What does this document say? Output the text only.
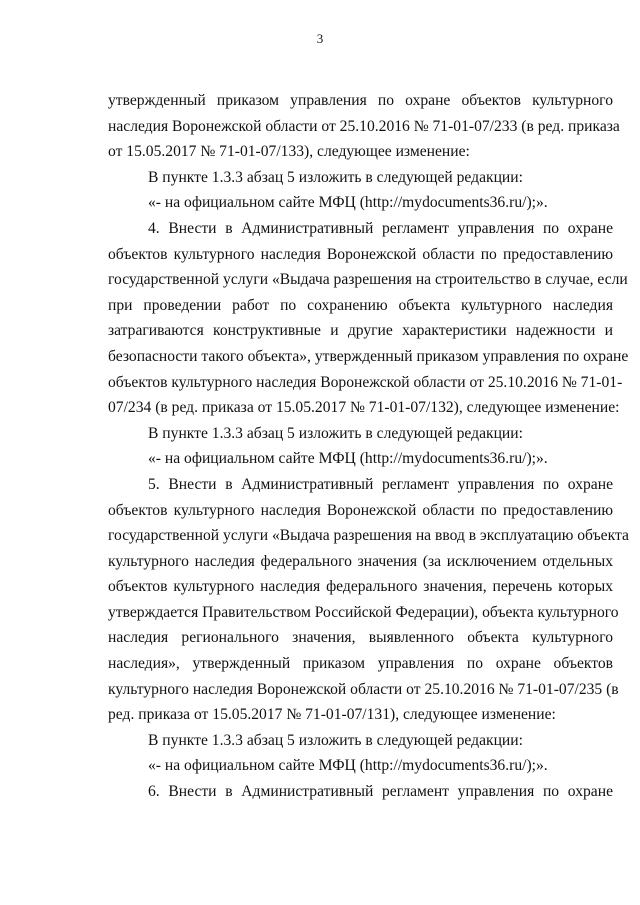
3

утвержденный приказом управления по охране объектов культурного
наследия Воронежской области от 25.10.2016 № 71-01-07/233 (в ред. приказа
от 15.05.2017 № 71-01-07/133), следующее изменение:

В пункте 1.3.3 абзац 5 изложить в следующей редакции:

«- на официальном сайте МФЦ (http://mydocuments36.ru/);».

4. Внести в Административный регламент управления по охране
объектов культурного наследия Воронежской области по предоставлению
государственной услуги «Выдача разрешения на строительство в случае, если
при проведении работ по сохранению объекта культурного наследия
затрагиваются конструктивные и другие характеристики надежности и
безопасности такого объекта», утвержденный приказом управления по охране
объектов культурного наследия Воронежской области от 25.10.2016 № 71-01-
07/234 (в ред. приказа от 15.05.2017 № 71-01-07/132), следующее изменение:

В пункте 1.3.3 абзац 5 изложить в следующей редакции:

«- на официальном сайте МФЦ (http://mydocuments36.ru/);».

5. Внести в Административный регламент управления по охране
объектов культурного наследия Воронежской области по предоставлению
государственной услуги «Выдача разрешения на ввод в эксплуатацию объекта
культурного наследия федерального значения (за исключением отдельных
объектов культурного наследия федерального значения, перечень которых
утверждается Правительством Российской Федерации), объекта культурного
наследия регионального значения, выявленного объекта культурного
наследия», утвержденный приказом управления по охране объектов
культурного наследия Воронежской области от 25.10.2016 № 71-01-07/235 (в
ред. приказа от 15.05.2017 № 71-01-07/131), следующее изменение:

В пункте 1.3.3 абзац 5 изложить в следующей редакции:

«- на официальном сайте МФЦ (http://mydocuments36.ru/);».

6. Внести в Административный регламент управления по охране
